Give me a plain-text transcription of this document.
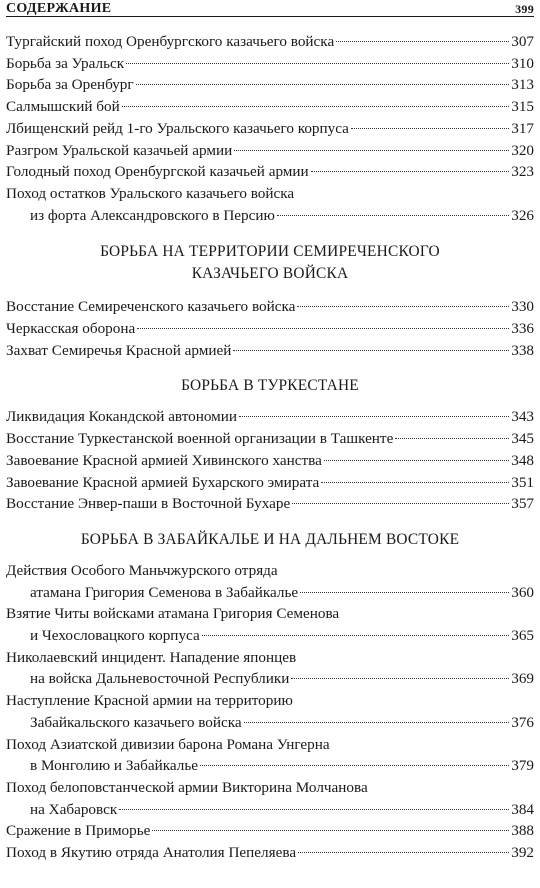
СОДЕРЖАНИЕ	399
Тургайский поход Оренбургского казачьего войска	307
Борьба за Уральск	310
Борьба за Оренбург	313
Салмышский бой	315
Лбищенский рейд 1-го Уральского казачьего корпуса	317
Разгром Уральской казачьей армии	320
Голодный поход Оренбургской казачьей армии	323
Поход остатков Уральского казачьего войска
из форта Александровского в Персию	326
БОРЬБА НА ТЕРРИТОРИИ СЕМИРЕЧЕНСКОГО
КАЗАЧЬЕГО ВОЙСКА
Восстание Семиреченского казачьего войска	330
Черкасская оборона	336
Захват Семиречья Красной армией	338
БОРЬБА В ТУРКЕСТАНЕ
Ликвидация Кокандской автономии	343
Восстание Туркестанской военной организации в Ташкенте	345
Завоевание Красной армией Хивинского ханства	348
Завоевание Красной армией Бухарского эмирата	351
Восстание Энвер-паши в Восточной Бухаре	357
БОРЬБА В ЗАБАЙКАЛЬЕ И НА ДАЛЬНЕМ ВОСТОКЕ
Действия Особого Маньчжурского отряда
атамана Григория Семенова в Забайкалье	360
Взятие Читы войсками атамана Григория Семенова
и Чехословацкого корпуса	365
Николаевский инцидент. Нападение японцев
на войска Дальневосточной Республики	369
Наступление Красной армии на территорию
Забайкальского казачьего войска	376
Поход Азиатской дивизии барона Романа Унгерна
в Монголию и Забайкалье	379
Поход белоповстанческой армии Викторина Молчанова
на Хабаровск	384
Сражение в Приморье	388
Поход в Якутию отряда Анатолия Пепеляева	392
